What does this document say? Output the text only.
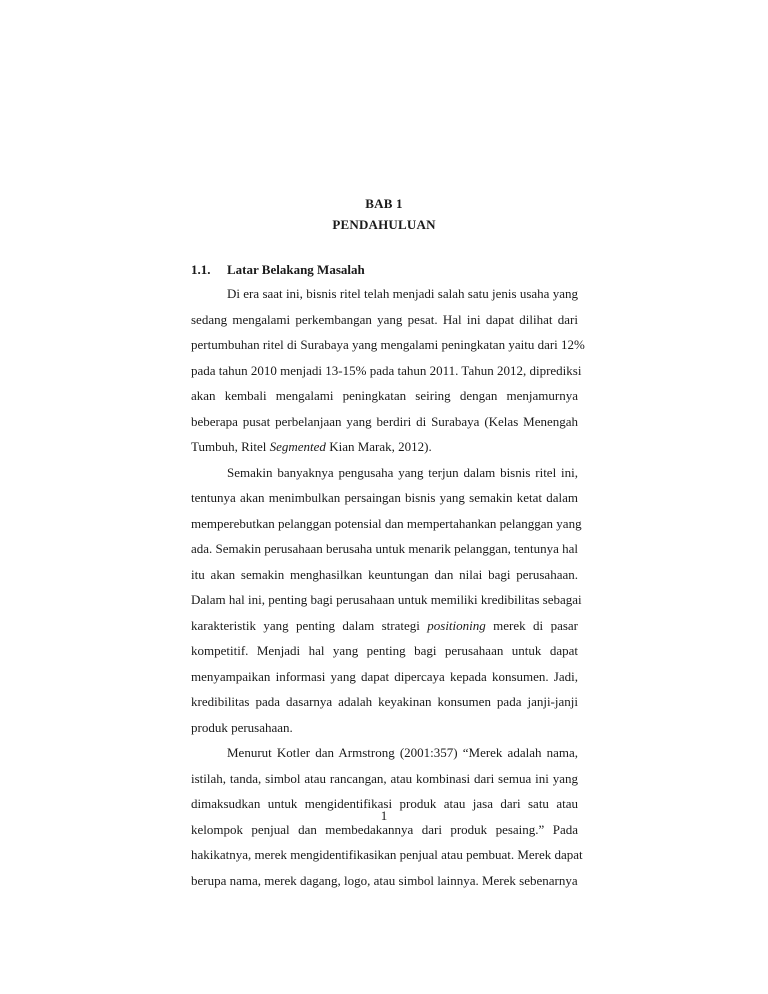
BAB 1
PENDAHULUAN
1.1. Latar Belakang Masalah
Di era saat ini, bisnis ritel telah menjadi salah satu jenis usaha yang
sedang mengalami perkembangan yang pesat. Hal ini dapat dilihat dari
pertumbuhan ritel di Surabaya yang mengalami peningkatan yaitu dari 12%
pada tahun 2010 menjadi 13-15% pada tahun 2011. Tahun 2012, diprediksi
akan kembali mengalami peningkatan seiring dengan menjamurnya
beberapa pusat perbelanjaan yang berdiri di Surabaya (Kelas Menengah
Tumbuh, Ritel Segmented Kian Marak, 2012).
Semakin banyaknya pengusaha yang terjun dalam bisnis ritel ini,
tentunya akan menimbulkan persaingan bisnis yang semakin ketat dalam
memperebutkan pelanggan potensial dan mempertahankan pelanggan yang
ada. Semakin perusahaan berusaha untuk menarik pelanggan, tentunya hal
itu akan semakin menghasilkan keuntungan dan nilai bagi perusahaan.
Dalam hal ini, penting bagi perusahaan untuk memiliki kredibilitas sebagai
karakteristik yang penting dalam strategi positioning merek di pasar
kompetitif. Menjadi hal yang penting bagi perusahaan untuk dapat
menyampaikan informasi yang dapat dipercaya kepada konsumen. Jadi,
kredibilitas pada dasarnya adalah keyakinan konsumen pada janji-janji
produk perusahaan.
Menurut Kotler dan Armstrong (2001:357) “Merek adalah nama,
istilah, tanda, simbol atau rancangan, atau kombinasi dari semua ini yang
dimaksudkan untuk mengidentifikasi produk atau jasa dari satu atau
kelompok penjual dan membedakannya dari produk pesaing.” Pada
hakikatnya, merek mengidentifikasikan penjual atau pembuat. Merek dapat
berupa nama, merek dagang, logo, atau simbol lainnya. Merek sebenarnya
1
